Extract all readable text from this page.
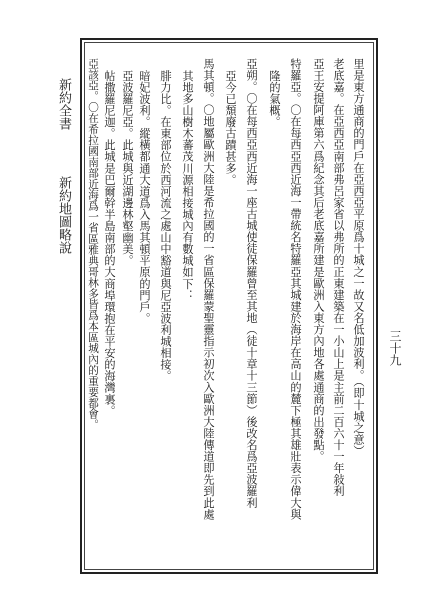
新約全書
新約地圖略說
三十九
里是東方通商的門戶在亞西亞平原爲十城之一故又名低加波利。（即十城之意）
老底嘉。在亞西亞南部弗呂家省以弗所的正東建築在一小山上是主前二百六十一年敍利
亞王安提阿庫第六爲紀念其后老底嘉所建是歐洲入東方內地各處通商的出發點。
特羅亞。〇在每西亞西近海一帶統名特羅亞其城建於海岸在高山的麓下極其雄壯表示偉大與
隆的氣概。
亞朔。〇在每西亞西近海一座古城使徒保羅曾至其地（徒十章十三節）後改名爲亞波羅利
亞今已頹廢古蹟甚多。
馬其頓。〇地屬歐洲大陸是希拉國的一省區保羅蒙聖靈指示初次入歐洲大陸傳道即先到此處
其地多山樹木蕃茂川源相接城內有數城如下：
腓力比。在東部位於西河流之處山中豁道與尼亞波利城相接。
暗妃波利。縱橫都通大道爲入馬其頓平原的門戶。
亞波羅尼亞。此城與近湖邊林壑幽美。
帖撒羅尼迦。此城是巴爾幹半島南部的大商埠環抱在平安的海灣裏。
亞該亞。〇在希拉國南部近海爲一省區雅典哥林多皆爲本區城內的重要都會。
